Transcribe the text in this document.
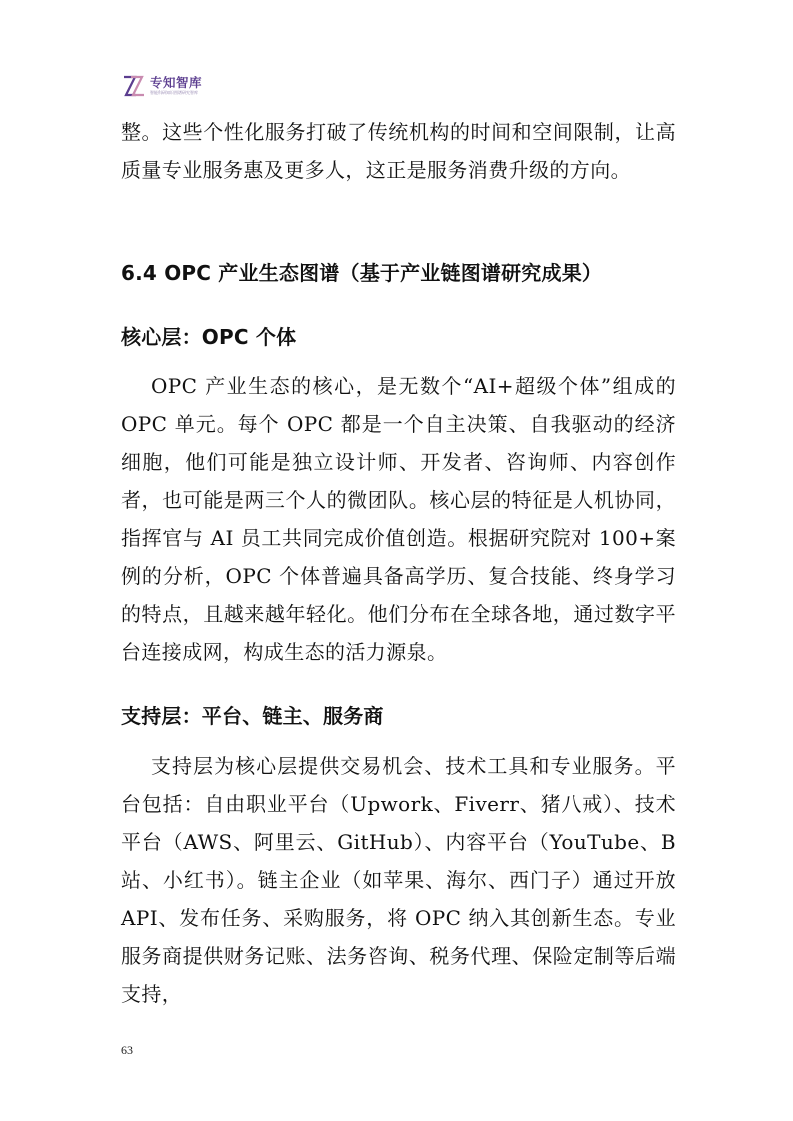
专知智库
智能科研知识图谱研究智库

整。这些个性化服务打破了传统机构的时间和空间限制，让高质量专业服务惠及更多人，这正是服务消费升级的方向。

6.4 OPC 产业生态图谱（基于产业链图谱研究成果）
核心层：OPC 个体

OPC 产业生态的核心，是无数个“AI+超级个体”组成的OPC 单元。每个 OPC 都是一个自主决策、自我驱动的经济细胞，他们可能是独立设计师、开发者、咨询师、内容创作者，也可能是两三个人的微团队。核心层的特征是人机协同，指挥官与 AI 员工共同完成价值创造。根据研究院对 100+案例的分析，OPC 个体普遍具备高学历、复合技能、终身学习的特点，且越来越年轻化。他们分布在全球各地，通过数字平台连接成网，构成生态的活力源泉。

支持层：平台、链主、服务商

支持层为核心层提供交易机会、技术工具和专业服务。平台包括：自由职业平台（Upwork、Fiverr、猪八戒）、技术平台（AWS、阿里云、GitHub）、内容平台（YouTube、B 站、小红书）。链主企业（如苹果、海尔、西门子）通过开放 API、发布任务、采购服务，将 OPC 纳入其创新生态。专业服务商提供财务记账、法务咨询、税务代理、保险定制等后端支持，

63
